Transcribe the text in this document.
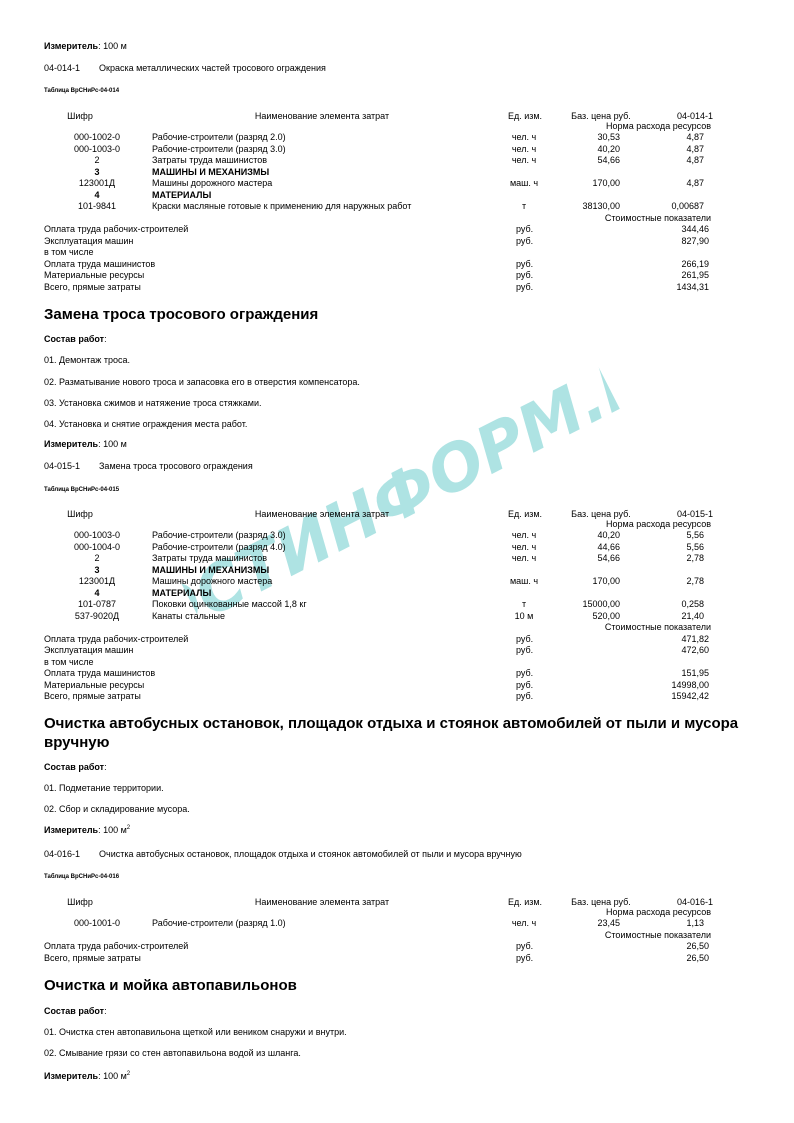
ГОСТИНФОРМ.РУ
Измеритель: 100 м
04-014-1 Окраска металлических частей тросового ограждения
Таблица ВрСНиРс-04-014
Шифр	Наименование элемента затрат	Ед. изм.	Баз. цена руб.	04-014-1
Норма расхода ресурсов
000-1002-0	Рабочие-строители (разряд 2.0)	чел. ч	30,53	4,87
000-1003-0	Рабочие-строители (разряд 3.0)	чел. ч	40,20	4,87
2	Затраты труда машинистов	чел. ч	54,66	4,87
3	МАШИНЫ И МЕХАНИЗМЫ
123001Д	Машины дорожного мастера	маш. ч	170,00	4,87
4	МАТЕРИАЛЫ
101-9841	Краски масляные готовые к применению для наружных работ	т	38130,00	0,00687
Стоимостные показатели
Оплата труда рабочих-строителей	руб.	344,46
Эксплуатация машин	руб.	827,90
в том числе
Оплата труда машинистов	руб.	266,19
Материальные ресурсы	руб.	261,95
Всего, прямые затраты	руб.	1434,31
Замена троса тросового ограждения
Состав работ:
01. Демонтаж троса.
02. Разматывание нового троса и запасовка его в отверстия компенсатора.
03. Установка сжимов и натяжение троса стяжками.
04. Установка и снятие ограждения места работ.
Измеритель: 100 м
04-015-1 Замена троса тросового ограждения
Таблица ВрСНиРс-04-015
Шифр	Наименование элемента затрат	Ед. изм.	Баз. цена руб.	04-015-1
Норма расхода ресурсов
000-1003-0	Рабочие-строители (разряд 3.0)	чел. ч	40,20	5,56
000-1004-0	Рабочие-строители (разряд 4.0)	чел. ч	44,66	5,56
2	Затраты труда машинистов	чел. ч	54,66	2,78
3	МАШИНЫ И МЕХАНИЗМЫ
123001Д	Машины дорожного мастера	маш. ч	170,00	2,78
4	МАТЕРИАЛЫ
101-0787	Поковки оцинкованные массой 1,8 кг	т	15000,00	0,258
537-9020Д	Канаты стальные	10 м	520,00	21,40
Стоимостные показатели
Оплата труда рабочих-строителей	руб.	471,82
Эксплуатация машин	руб.	472,60
в том числе
Оплата труда машинистов	руб.	151,95
Материальные ресурсы	руб.	14998,00
Всего, прямые затраты	руб.	15942,42
Очистка автобусных остановок, площадок отдыха и стоянок автомобилей от пыли и мусора
вручную
Состав работ:
01. Подметание территории.
02. Сбор и складирование мусора.
Измеритель: 100 $м^2$
04-016-1 Очистка автобусных остановок, площадок отдыха и стоянок автомобилей от пыли и мусора вручную
Таблица ВрСНиРс-04-016
Шифр	Наименование элемента затрат	Ед. изм.	Баз. цена руб.	04-016-1
Норма расхода ресурсов
000-1001-0	Рабочие-строители (разряд 1.0)	чел. ч	23,45	1,13
Стоимостные показатели
Оплата труда рабочих-строителей	руб.	26,50
Всего, прямые затраты	руб.	26,50
Очистка и мойка автопавильонов
Состав работ:
01. Очистка стен автопавильона щеткой или веником снаружи и внутри.
02. Смывание грязи со стен автопавильона водой из шланга.
Измеритель: 100 $м^2$
